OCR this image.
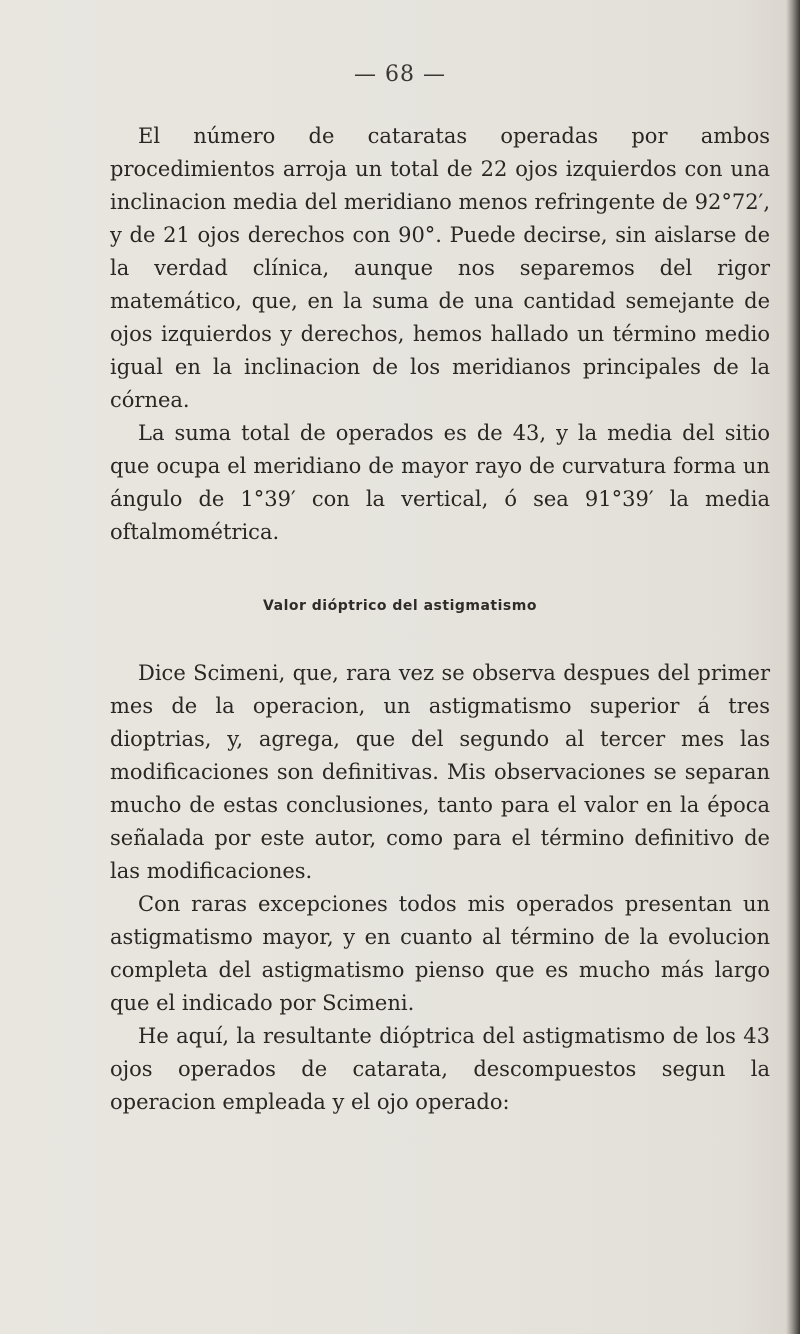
— 68 —

El número de cataratas operadas por ambos procedimientos arroja un total de 22 ojos izquierdos con una inclinacion media del meridiano menos refringente de 92°72′, y de 21 ojos derechos con 90°. Puede decirse, sin aislarse de la verdad clínica, aunque nos separemos del rigor matemático, que, en la suma de una cantidad semejante de ojos izquierdos y derechos, hemos hallado un término medio igual en la inclinacion de los meridianos principales de la córnea.

La suma total de operados es de 43, y la media del sitio que ocupa el meridiano de mayor rayo de curvatura forma un ángulo de 1°39′ con la vertical, ó sea 91°39′ la media oftalmométrica.

Valor dióptrico del astigmatismo

Dice Scimeni, que, rara vez se observa despues del primer mes de la operacion, un astigmatismo superior á tres dioptrias, y, agrega, que del segundo al tercer mes las modificaciones son definitivas. Mis observaciones se separan mucho de estas conclusiones, tanto para el valor en la época señalada por este autor, como para el término definitivo de las modificaciones.

Con raras excepciones todos mis operados presentan un astigmatismo mayor, y en cuanto al término de la evolucion completa del astigmatismo pienso que es mucho más largo que el indicado por Scimeni.

He aquí, la resultante dióptrica del astigmatismo de los 43 ojos operados de catarata, descompuestos segun la operacion empleada y el ojo operado:
